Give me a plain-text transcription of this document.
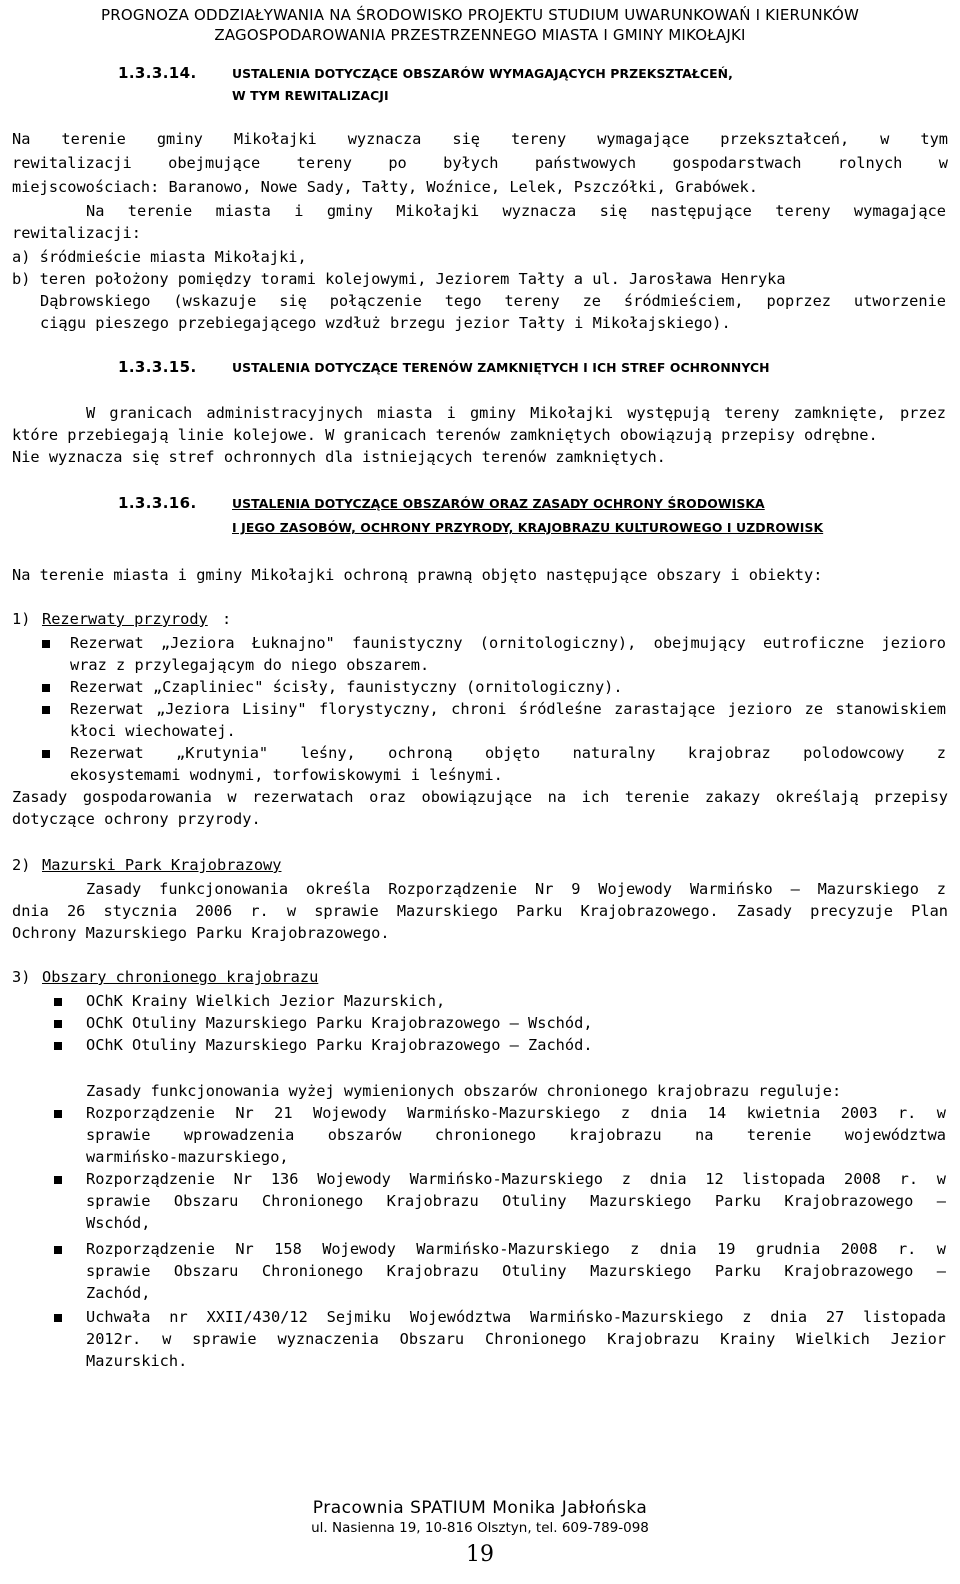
PROGNOZA ODDZIAŁYWANIA NA ŚRODOWISKO PROJEKTU STUDIUM UWARUNKOWAŃ I KIERUNKÓW
ZAGOSPODAROWANIA PRZESTRZENNEGO MIASTA I GMINY MIKOŁAJKI
1.3.3.14.	USTALENIA DOTYCZĄCE OBSZARÓW WYMAGAJĄCYCH PRZEKSZTAŁCEŃ,
W TYM REWITALIZACJI
Na terenie gminy Mikołajki wyznacza się tereny wymagające przekształceń, w tym
rewitalizacji obejmujące tereny po byłych państwowych gospodarstwach rolnych w
miejscowościach: Baranowo, Nowe Sady, Tałty, Woźnice, Lelek, Pszczółki, Grabówek.
Na terenie miasta i gminy Mikołajki wyznacza się następujące tereny wymagające
rewitalizacji:
a) śródmieście miasta Mikołajki,
b) teren położony pomiędzy torami kolejowymi, Jeziorem Tałty a ul. Jarosława Henryka
Dąbrowskiego (wskazuje się połączenie tego tereny ze śródmieściem, poprzez utworzenie
ciągu pieszego przebiegającego wzdłuż brzegu jezior Tałty i Mikołajskiego).
1.3.3.15.	USTALENIA DOTYCZĄCE TERENÓW ZAMKNIĘTYCH I ICH STREF OCHRONNYCH
W granicach administracyjnych miasta i gminy Mikołajki występują tereny zamknięte, przez
które przebiegają linie kolejowe. W granicach terenów zamkniętych obowiązują przepisy odrębne.
Nie wyznacza się stref ochronnych dla istniejących terenów zamkniętych.
1.3.3.16.	USTALENIA DOTYCZĄCE OBSZARÓW ORAZ ZASADY OCHRONY ŚRODOWISKA
I JEGO ZASOBÓW, OCHRONY PRZYRODY, KRAJOBRAZU KULTUROWEGO I UZDROWISK
Na terenie miasta i gminy Mikołajki ochroną prawną objęto następujące obszary i obiekty:
1) Rezerwaty przyrody :
Rezerwat „Jeziora Łuknajno" faunistyczny (ornitologiczny), obejmujący eutroficzne jezioro
wraz z przylegającym do niego obszarem.
Rezerwat „Czapliniec" ścisły, faunistyczny (ornitologiczny).
Rezerwat „Jeziora Lisiny" florystyczny, chroni śródleśne zarastające jezioro ze stanowiskiem
kłoci wiechowatej.
Rezerwat „Krutynia" leśny, ochroną objęto naturalny krajobraz polodowcowy z
ekosystemami wodnymi, torfowiskowymi i leśnymi.
Zasady gospodarowania w rezerwatach oraz obowiązujące na ich terenie zakazy określają przepisy
dotyczące ochrony przyrody.
2) Mazurski Park Krajobrazowy
Zasady funkcjonowania określa Rozporządzenie Nr 9 Wojewody Warmińsko — Mazurskiego z
dnia 26 stycznia 2006 r. w sprawie Mazurskiego Parku Krajobrazowego. Zasady precyzuje Plan
Ochrony Mazurskiego Parku Krajobrazowego.
3) Obszary chronionego krajobrazu
OChK Krainy Wielkich Jezior Mazurskich,
OChK Otuliny Mazurskiego Parku Krajobrazowego — Wschód,
OChK Otuliny Mazurskiego Parku Krajobrazowego — Zachód.
Zasady funkcjonowania wyżej wymienionych obszarów chronionego krajobrazu reguluje:
Rozporządzenie Nr 21 Wojewody Warmińsko-Mazurskiego z dnia 14 kwietnia 2003 r. w
sprawie wprowadzenia obszarów chronionego krajobrazu na terenie województwa
warmińsko-mazurskiego,
Rozporządzenie Nr 136 Wojewody Warmińsko-Mazurskiego z dnia 12 listopada 2008 r. w
sprawie Obszaru Chronionego Krajobrazu Otuliny Mazurskiego Parku Krajobrazowego —
Wschód,
Rozporządzenie Nr 158 Wojewody Warmińsko-Mazurskiego z dnia 19 grudnia 2008 r. w
sprawie Obszaru Chronionego Krajobrazu Otuliny Mazurskiego Parku Krajobrazowego —
Zachód,
Uchwała nr XXII/430/12 Sejmiku Województwa Warmińsko-Mazurskiego z dnia 27 listopada
2012r. w sprawie wyznaczenia Obszaru Chronionego Krajobrazu Krainy Wielkich Jezior
Mazurskich.
Pracownia SPATIUM Monika Jabłońska
ul. Nasienna 19, 10-816 Olsztyn, tel. 609-789-098
19
